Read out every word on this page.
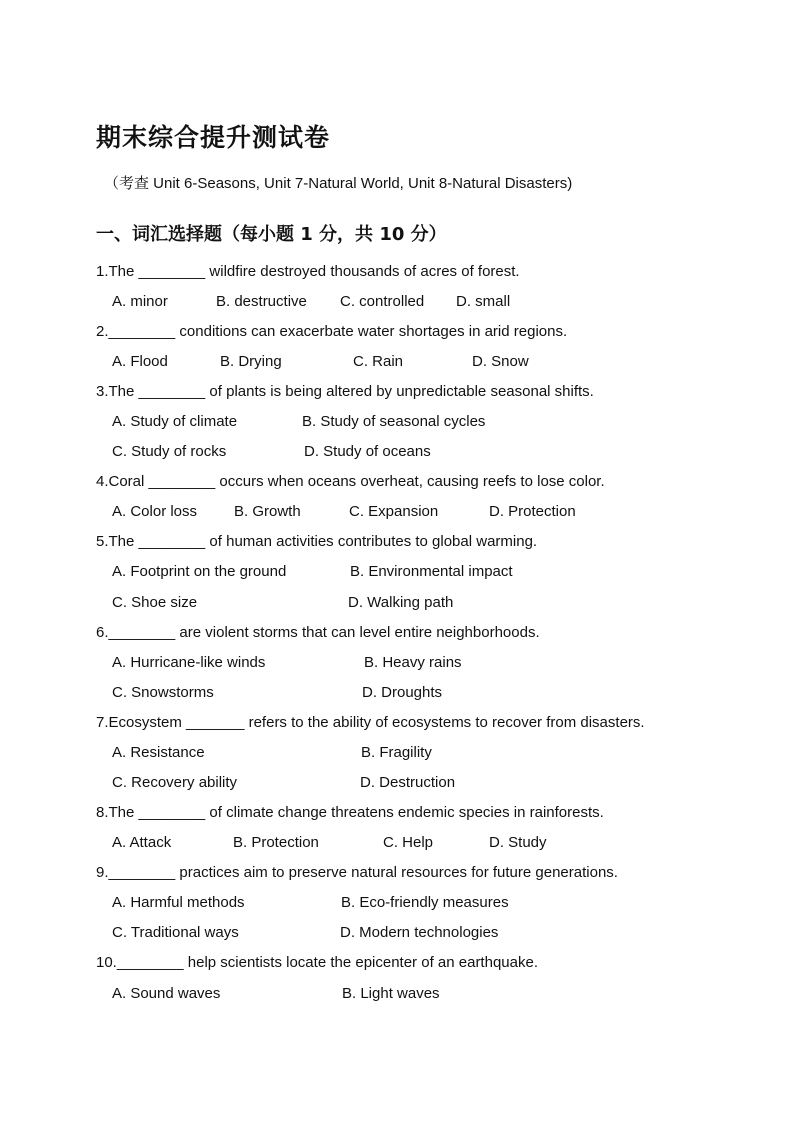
期末综合提升测试卷
（考查 Unit 6-Seasons, Unit 7-Natural World, Unit 8-Natural Disasters)
一、词汇选择题（每小题 1 分，共 10 分）
1.The ________ wildfire destroyed thousands of acres of forest.
A. minor	B. destructive C. controlled D. small
2.________ conditions can exacerbate water shortages in arid regions.
A. Flood	B. Drying	C. Rain	D. Snow
3.The ________ of plants is being altered by unpredictable seasonal shifts.
A. Study of climate	B. Study of seasonal cycles
C. Study of rocks	D. Study of oceans
4.Coral ________ occurs when oceans overheat, causing reefs to lose color.
A. Color loss B. Growth	C. Expansion	D. Protection
5.The ________ of human activities contributes to global warming.
A. Footprint on the ground	B. Environmental impact
C. Shoe size	D. Walking path
6.________ are violent storms that can level entire neighborhoods.
A. Hurricane-like winds	B. Heavy rains
C. Snowstorms	D. Droughts
7.Ecosystem _______ refers to the ability of ecosystems to recover from disasters.
A. Resistance	B. Fragility
C. Recovery ability	D. Destruction
8.The ________ of climate change threatens endemic species in rainforests.
A. Attack	B. Protection	C. Help	D. Study
9.________ practices aim to preserve natural resources for future generations.
A. Harmful methods	B. Eco-friendly measures
C. Traditional ways	D. Modern technologies
10.________ help scientists locate the epicenter of an earthquake.
A. Sound waves	B. Light waves
